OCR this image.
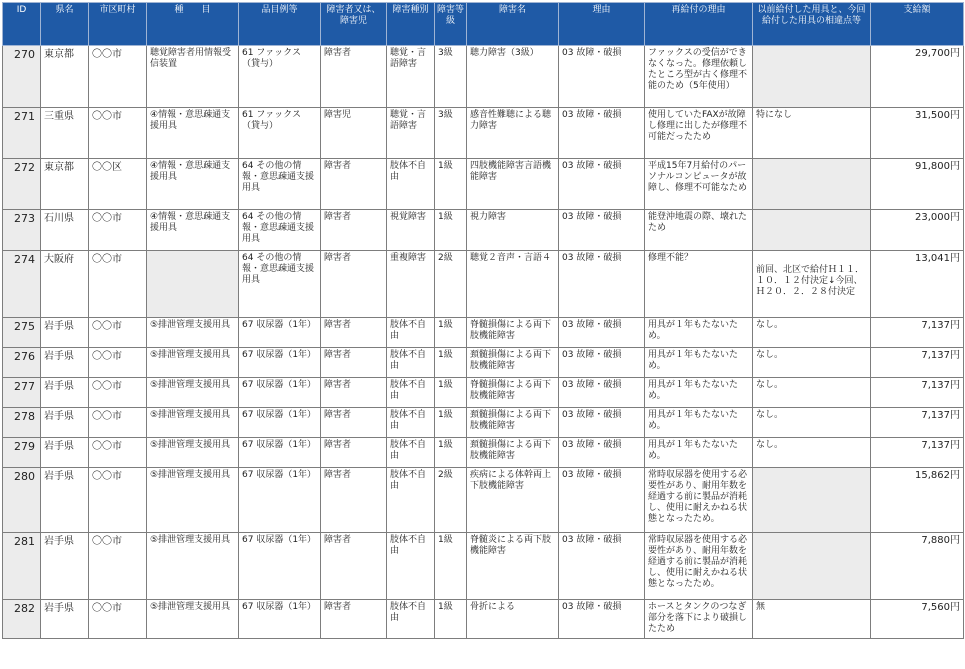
ID	県名	市区町村	種　　目	品目例等	障害者又は、障害児	障害種別	障害等級	障害名	理由	再給付の理由	以前給付した用具と、今回給付した用具の相違点等	支給額
270	東京都	〇〇市	聴覚障害者用情報受信装置	61 ファックス（貸与）	障害者	聴覚・言語障害	3級	聴力障害（3級）	03 故障・破損	ファックスの受信ができなくなった。修理依頼したところ型が古く修理不能のため（5年使用）		29,700円
271	三重県	〇〇市	④情報・意思疎通支援用具	61 ファックス（貸与）	障害児	聴覚・言語障害	3級	感音性難聴による聴力障害	03 故障・破損	使用していたFAXが故障し修理に出したが修理不可能だったため	特になし	31,500円
272	東京都	〇〇区	④情報・意思疎通支援用具	64 その他の情報・意思疎通支援用具	障害者	肢体不自由	1級	四肢機能障害言語機能障害	03 故障・破損	平成15年7月給付のパーソナルコンピュータが故障し、修理不可能なため		91,800円
273	石川県	〇〇市	④情報・意思疎通支援用具	64 その他の情報・意思疎通支援用具	障害者	視覚障害	1級	視力障害	03 故障・破損	能登沖地震の際、壊れたため		23,000円
274	大阪府	〇〇市		64 その他の情報・意思疎通支援用具	障害者	重複障害	2級	聴覚２音声・言語４	03 故障・破損	修理不能？	前回、北区で給付Ｈ１１．１０．１２付決定↓今回、Ｈ２０．２．２８付決定	13,041円
275	岩手県	〇〇市	⑤排泄管理支援用具	67 収尿器（1年）	障害者	肢体不自由	1級	脊髄損傷による両下肢機能障害	03 故障・破損	用具が１年もたないため。	なし。	7,137円
276	岩手県	〇〇市	⑤排泄管理支援用具	67 収尿器（1年）	障害者	肢体不自由	1級	頚髄損傷による両下肢機能障害	03 故障・破損	用具が１年もたないため。	なし。	7,137円
277	岩手県	〇〇市	⑤排泄管理支援用具	67 収尿器（1年）	障害者	肢体不自由	1級	脊髄損傷による両下肢機能障害	03 故障・破損	用具が１年もたないため。	なし。	7,137円
278	岩手県	〇〇市	⑤排泄管理支援用具	67 収尿器（1年）	障害者	肢体不自由	1級	頚髄損傷による両下肢機能障害	03 故障・破損	用具が１年もたないため。	なし。	7,137円
279	岩手県	〇〇市	⑤排泄管理支援用具	67 収尿器（1年）	障害者	肢体不自由	1級	頚髄損傷による両下肢機能障害	03 故障・破損	用具が１年もたないため。	なし。	7,137円
280	岩手県	〇〇市	⑤排泄管理支援用具	67 収尿器（1年）	障害者	肢体不自由	2級	疾病による体幹両上下肢機能障害	03 故障・破損	常時収尿器を使用する必要性があり、耐用年数を経過する前に製品が消耗し、使用に耐えかねる状態となったため。		15,862円
281	岩手県	〇〇市	⑤排泄管理支援用具	67 収尿器（1年）	障害者	肢体不自由	1級	脊髄炎による両下肢機能障害	03 故障・破損	常時収尿器を使用する必要性があり、耐用年数を経過する前に製品が消耗し、使用に耐えかねる状態となったため。		7,880円
282	岩手県	〇〇市	⑤排泄管理支援用具	67 収尿器（1年）	障害者	肢体不自由	1級	骨折による	03 故障・破損	ホースとタンクのつなぎ部分を落下により破損したため	無	7,560円
